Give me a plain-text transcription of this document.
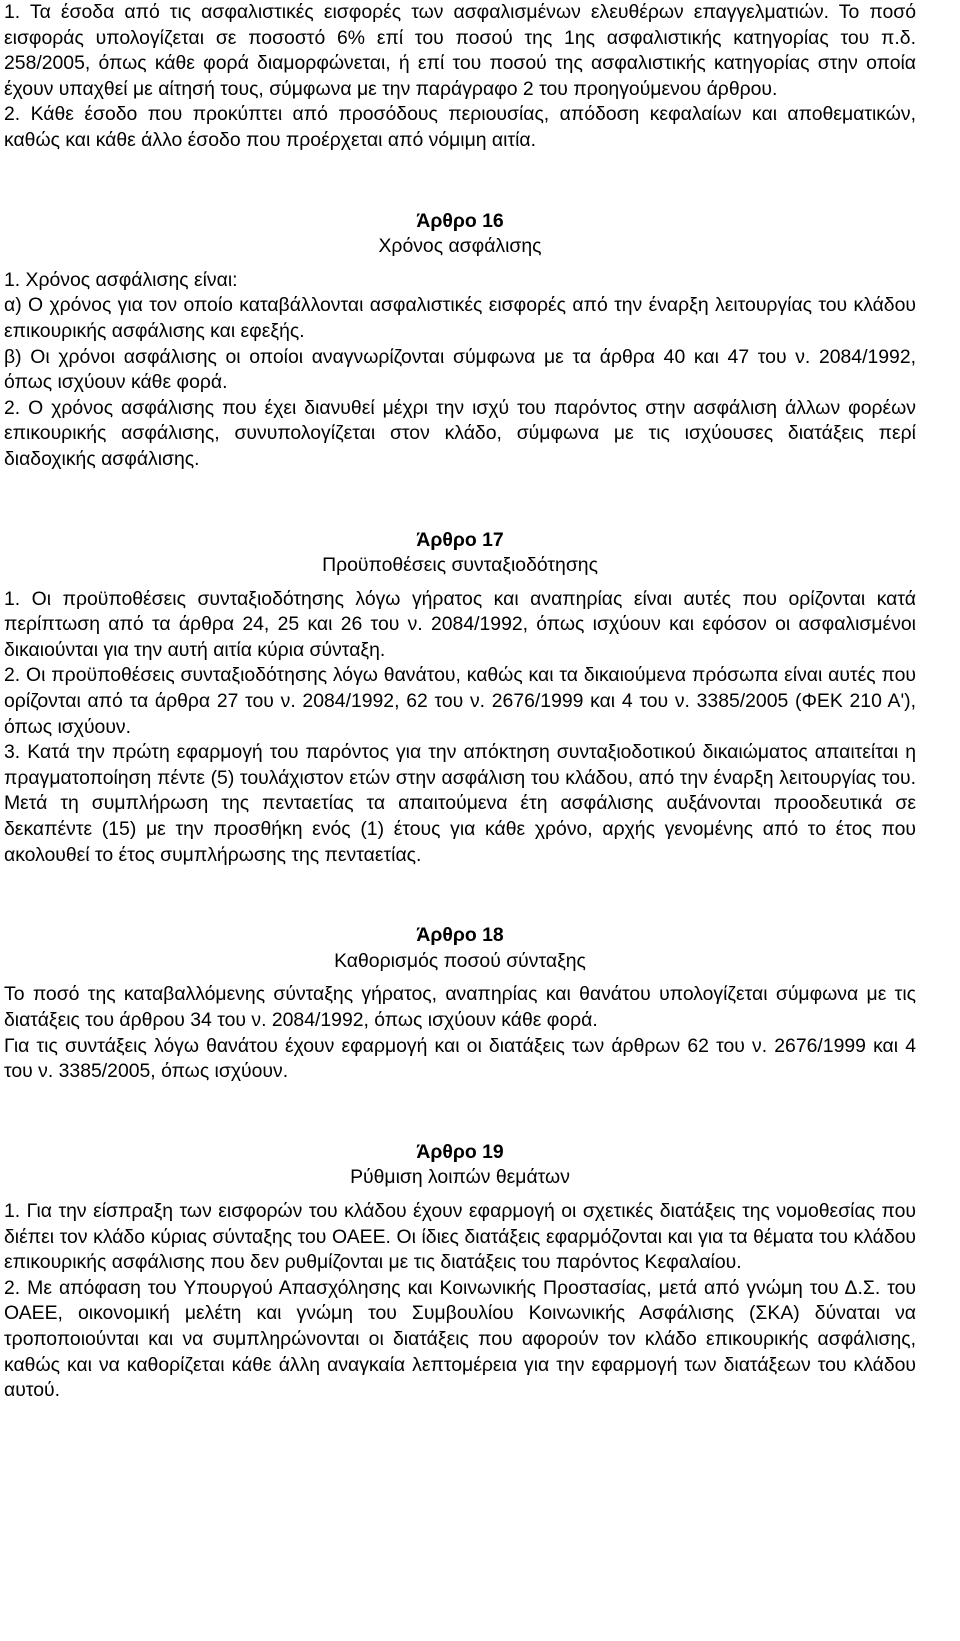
1. Τα έσοδα από τις ασφαλιστικές εισφορές των ασφαλισμένων ελευθέρων επαγγελματιών. Το ποσό εισφοράς υπολογίζεται σε ποσοστό 6% επί του ποσού της 1ης ασφαλιστικής κατηγορίας του π.δ. 258/2005, όπως κάθε φορά διαμορφώνεται, ή επί του ποσού της ασφαλιστικής κατηγορίας στην οποία έχουν υπαχθεί με αίτησή τους, σύμφωνα με την παράγραφο 2 του προηγούμενου άρθρου.

2. Κάθε έσοδο που προκύπτει από προσόδους περιουσίας, απόδοση κεφαλαίων και αποθεματικών, καθώς και κάθε άλλο έσοδο που προέρχεται από νόμιμη αιτία.

Άρθρο 16
Χρόνος ασφάλισης

1. Χρόνος ασφάλισης είναι:

α) Ο χρόνος για τον οποίο καταβάλλονται ασφαλιστικές εισφορές από την έναρξη λειτουργίας του κλάδου επικουρικής ασφάλισης και εφεξής.

β) Οι χρόνοι ασφάλισης οι οποίοι αναγνωρίζονται σύμφωνα με τα άρθρα 40 και 47 του ν. 2084/1992, όπως ισχύουν κάθε φορά.

2. Ο χρόνος ασφάλισης που έχει διανυθεί μέχρι την ισχύ του παρόντος στην ασφάλιση άλλων φορέων επικουρικής ασφάλισης, συνυπολογίζεται στον κλάδο, σύμφωνα με τις ισχύουσες διατάξεις περί διαδοχικής ασφάλισης.

Άρθρο 17
Προϋποθέσεις συνταξιοδότησης

1. Οι προϋποθέσεις συνταξιοδότησης λόγω γήρατος και αναπηρίας είναι αυτές που ορίζονται κατά περίπτωση από τα άρθρα 24, 25 και 26 του ν. 2084/1992, όπως ισχύουν και εφόσον οι ασφαλισμένοι δικαιούνται για την αυτή αιτία κύρια σύνταξη.

2. Οι προϋποθέσεις συνταξιοδότησης λόγω θανάτου, καθώς και τα δικαιούμενα πρόσωπα είναι αυτές που ορίζονται από τα άρθρα 27 του ν. 2084/1992, 62 του ν. 2676/1999 και 4 του ν. 3385/2005 (ΦΕΚ 210 Α'), όπως ισχύουν.

3. Κατά την πρώτη εφαρμογή του παρόντος για την απόκτηση συνταξιοδοτικού δικαιώματος απαιτείται η πραγματοποίηση πέντε (5) τουλάχιστον ετών στην ασφάλιση του κλάδου, από την έναρξη λειτουργίας του. Μετά τη συμπλήρωση της πενταετίας τα απαιτούμενα έτη ασφάλισης αυξάνονται προοδευτικά σε δεκαπέντε (15) με την προσθήκη ενός (1) έτους για κάθε χρόνο, αρχής γενομένης από το έτος που ακολουθεί το έτος συμπλήρωσης της πενταετίας.

Άρθρο 18
Καθορισμός ποσού σύνταξης

Το ποσό της καταβαλλόμενης σύνταξης γήρατος, αναπηρίας και θανάτου υπολογίζεται σύμφωνα με τις διατάξεις του άρθρου 34 του ν. 2084/1992, όπως ισχύουν κάθε φορά.

Για τις συντάξεις λόγω θανάτου έχουν εφαρμογή και οι διατάξεις των άρθρων 62 του ν. 2676/1999 και 4 του ν. 3385/2005, όπως ισχύουν.

Άρθρο 19
Ρύθμιση λοιπών θεμάτων

1. Για την είσπραξη των εισφορών του κλάδου έχουν εφαρμογή οι σχετικές διατάξεις της νομοθεσίας που διέπει τον κλάδο κύριας σύνταξης του ΟΑΕΕ. Οι ίδιες διατάξεις εφαρμόζονται και για τα θέματα του κλάδου επικουρικής ασφάλισης που δεν ρυθμίζονται με τις διατάξεις του παρόντος Κεφαλαίου.

2. Με απόφαση του Υπουργού Απασχόλησης και Κοινωνικής Προστασίας, μετά από γνώμη του Δ.Σ. του ΟΑΕΕ, οικονομική μελέτη και γνώμη του Συμβουλίου Κοινωνικής Ασφάλισης (ΣΚΑ) δύναται να τροποποιούνται και να συμπληρώνονται οι διατάξεις που αφορούν τον κλάδο επικουρικής ασφάλισης, καθώς και να καθορίζεται κάθε άλλη αναγκαία λεπτομέρεια για την εφαρμογή των διατάξεων του κλάδου αυτού.
